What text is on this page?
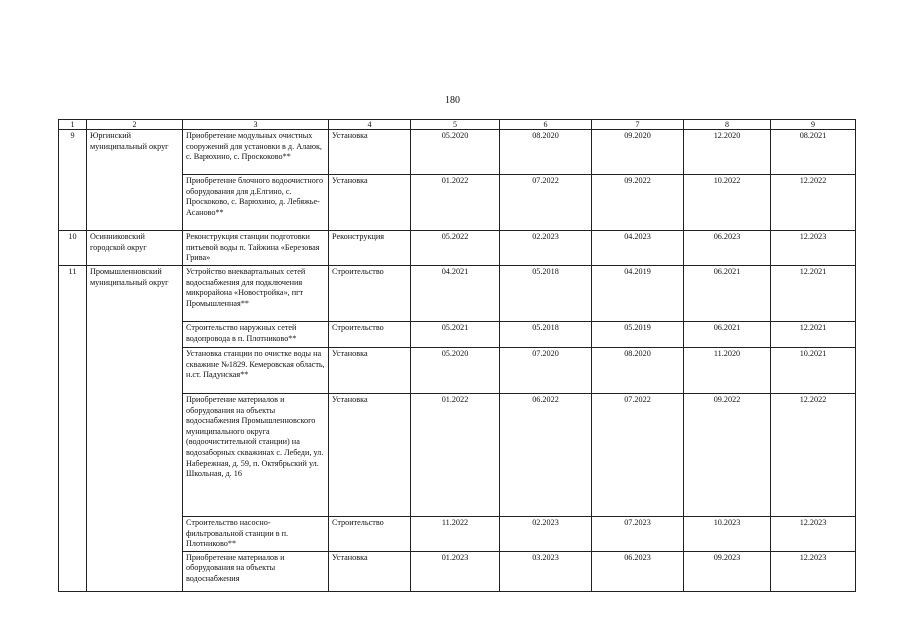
180
1	2	3	4	5	6	7	8	9
9	Юргинский муниципальный округ	Приобретение модульных очистных сооружений для установки в д. Алаюк, с. Варюхино, с. Проскоково**	Установка	05.2020	08.2020	09.2020	12.2020	08.2021
		Приобретение блочного водоочистного оборудования для д.Елгино, с. Проскоково, с. Варюхино, д. Лебяжье-Асаново**	Установка	01.2022	07.2022	09.2022	10.2022	12.2022
10	Осинниковский городской округ	Реконструкция станции подготовки питьевой воды п. Тайжина «Березовая Грива»	Реконструкция	05.2022	02.2023	04.2023	06.2023	12.2023
11	Промышленновский муниципальный округ	Устройство внеквартальных сетей водоснабжения для подключения микрорайона «Новостройка», пгт Промышленная**	Строительство	04.2021	05.2018	04.2019	06.2021	12.2021
		Строительство наружных сетей водопровода в п. Плотниково**	Строительство	05.2021	05.2018	05.2019	06.2021	12.2021
		Установка станции по очистке воды на скважине №1829. Кемеровская область, н.ст. Падунская**	Установка	05.2020	07.2020	08.2020	11.2020	10.2021
		Приобретение материалов и оборудования на объекты водоснабжения Промышленновского муниципального округа (водоочистительной станции) на водозаборных скважинах с. Лебеди, ул. Набережная, д. 59, п. Октябрьский ул. Школьная, д. 16	Установка	01.2022	06.2022	07.2022	09.2022	12.2022
		Строительство насосно-фильтровальной станции в п. Плотниково**	Строительство	11.2022	02.2023	07.2023	10.2023	12.2023
		Приобретение материалов и оборудования на объекты водоснабжения	Установка	01.2023	03.2023	06.2023	09.2023	12.2023
